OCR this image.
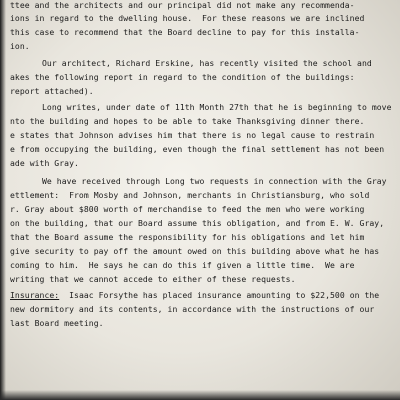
ttee and the architects and our principal did not make any recommenda-
ions in regard to the dwelling house.  For these reasons we are inclined
this case to recommend that the Board decline to pay for this installa-
ion.
Our architect, Richard Erskine, has recently visited the school and
akes the following report in regard to the condition of the buildings:
report attached).
Long writes, under date of 11th Month 27th that he is beginning to move
nto the building and hopes to be able to take Thanksgiving dinner there.
e states that Johnson advises him that there is no legal cause to restrain
e from occupying the building, even though the final settlement has not been
ade with Gray.
We have received through Long two requests in connection with the Gray
ettlement:  From Mosby and Johnson, merchants in Christiansburg, who sold
r. Gray about $800 worth of merchandise to feed the men who were working
on the building, that our Board assume this obligation, and from E. W. Gray,
that the Board assume the responsibility for his obligations and let him
give security to pay off the amount owed on this building above what he has
coming to him.  He says he can do this if given a little time.  We are
writing that we cannot accede to either of these requests.
Insurance: Isaac Forsythe has placed insurance amounting to $22,500 on the
new dormitory and its contents, in accordance with the instructions of our
last Board meeting.
